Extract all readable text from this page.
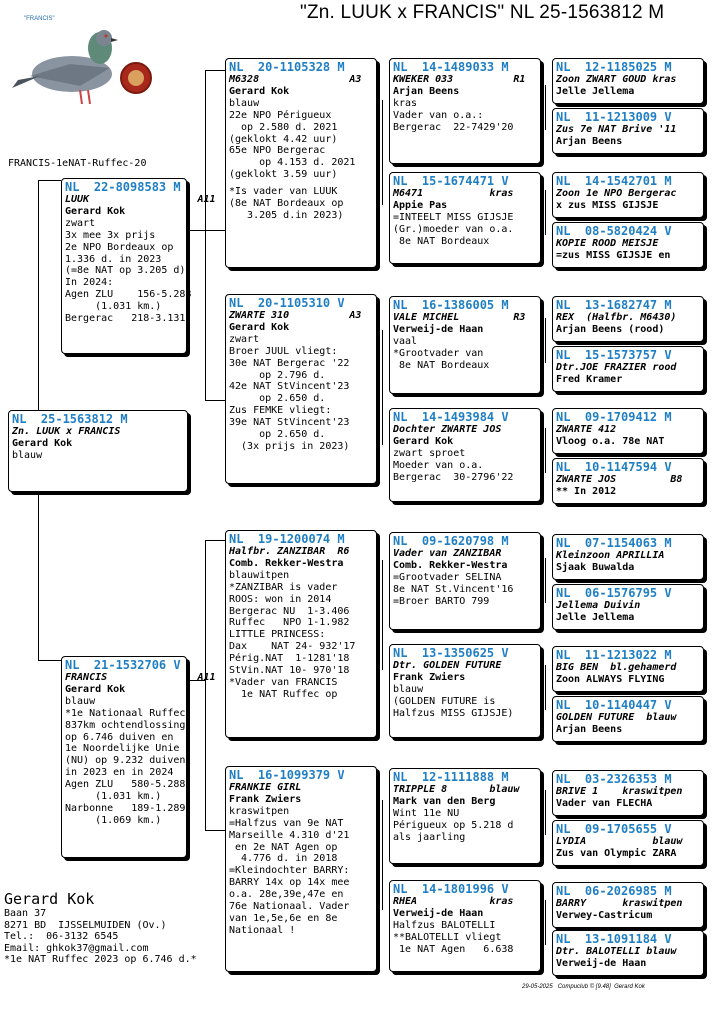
"Zn. LUUK x FRANCIS" NL 25-1563812 M
"FRANCIS"
FRANCIS-1eNAT-Ruffec-20
NL  25-1563812 M
Zn. LUUK x FRANCIS
Gerard Kok
blauw
NL  22-8098583 M
LUUK                  A11
Gerard Kok
zwart
3x mee 3x prijs
2e NPO Bordeaux op
1.336 d. in 2023
(=8e NAT op 3.205 d)
In 2024:
Agen ZLU    156-5.288
(1.031 km.)
Bergerac   218-3.131
NL  21-1532706 V
FRANCIS               A11
Gerard Kok
blauw
*1e Nationaal Ruffec
837km ochtendlossing
op 6.746 duiven en
1e Noordelijke Unie
(NU) op 9.232 duiven
in 2023 en in 2024
Agen ZLU   580-5.288
(1.031 km.)
Narbonne   189-1.289
(1.069 km.)
NL  20-1105328 M
M6328               A3
Gerard Kok
blauw
22e NPO Périgueux
op 2.580 d. 2021
(geklokt 4.42 uur)
65e NPO Bergerac
op 4.153 d. 2021
(geklokt 3.59 uur)
*Is vader van LUUK
(8e NAT Bordeaux op
3.205 d.in 2023)
NL  20-1105310 V
ZWARTE 310          A3
Gerard Kok
zwart
Broer JUUL vliegt:
30e NAT Bergerac '22
op 2.796 d.
42e NAT StVincent'23
op 2.650 d.
Zus FEMKE vliegt:
39e NAT StVincent'23
op 2.650 d.
(3x prijs in 2023)
NL  19-1200074 M
Halfbr. ZANZIBAR  R6
Comb. Rekker-Westra
blauwitpen
*ZANZIBAR is vader
ROOS: won in 2014
Bergerac NU  1-3.406
Ruffec   NPO 1-1.982
LITTLE PRINCESS:
Dax    NAT 24- 932'17
Périg.NAT  1-1281'18
StVin.NAT 10- 970'18
*Vader van FRANCIS
1e NAT Ruffec op
NL  16-1099379 V
FRANKIE GIRL
Frank Zwiers
kraswitpen
=Halfzus van 9e NAT
Marseille 4.310 d'21
en 2e NAT Agen op
4.776 d. in 2018
=Kleindochter BARRY:
BARRY 14x op 14x mee
o.a. 28e,39e,47e en
76e Nationaal. Vader
van 1e,5e,6e en 8e
Nationaal !
NL  14-1489033 M
KWEKER 033          R1
Arjan Beens
kras
Vader van o.a.:
Bergerac  22-7429'20
NL  15-1674471 V
M6471           kras
Appie Pas
=INTEELT MISS GIJSJE
(Gr.)moeder van o.a.
8e NAT Bordeaux
NL  16-1386005 M
VALE MICHEL         R3
Verweij-de Haan
vaal
*Grootvader van
8e NAT Bordeaux
NL  14-1493984 V
Dochter ZWARTE JOS
Gerard Kok
zwart sproet
Moeder van o.a.
Bergerac  30-2796'22
NL  09-1620798 M
Vader van ZANZIBAR
Comb. Rekker-Westra
=Grootvader SELINA
8e NAT St.Vincent'16
=Broer BARTO 799
NL  13-1350625 V
Dtr. GOLDEN FUTURE
Frank Zwiers
blauw
(GOLDEN FUTURE is
Halfzus MISS GIJSJE)
NL  12-1111888 M
TRIPPLE 8       blauw
Mark van den Berg
Wint 11e NU
Périgueux op 5.218 d
als jaarling
NL  14-1801996 V
RHEA            kras
Verweij-de Haan
Halfzus BALOTELLI
**BALOTELLI vliegt
1e NAT Agen   6.638
NL  12-1185025 M
Zoon ZWART GOUD kras
Jelle Jellema
NL  11-1213009 V
Zus 7e NAT Brive '11
Arjan Beens
NL  14-1542701 M
Zoon 1e NPO Bergerac
x zus MISS GIJSJE
NL  08-5820424 V
KOPIE ROOD MEISJE
=zus MISS GIJSJE en
NL  13-1682747 M
REX  (Halfbr. M6430)
Arjan Beens (rood)
NL  15-1573757 V
Dtr.JOE FRAZIER rood
Fred Kramer
NL  09-1709412 M
ZWARTE 412
Vloog o.a. 78e NAT
NL  10-1147594 V
ZWARTE JOS         B8
** In 2012
NL  07-1154063 M
Kleinzoon APRILLIA
Sjaak Buwalda
NL  06-1576795 V
Jellema Duivin
Jelle Jellema
NL  11-1213022 M
BIG BEN  bl.gehamerd
Zoon ALWAYS FLYING
NL  10-1140447 V
GOLDEN FUTURE  blauw
Arjan Beens
NL  03-2326353 M
BRIVE 1    kraswitpen
Vader van FLECHA
NL  09-1705655 V
LYDIA           blauw
Zus van Olympic ZARA
NL  06-2026985 M
BARRY      kraswitpen
Verwey-Castricum
NL  13-1091184 V
Dtr. BALOTELLI blauw
Verweij-de Haan
Gerard Kok
Baan 37
8271 BD  IJSSELMUIDEN (Ov.)
Tel.:  06-3132 6545
Email: ghkok37@gmail.com
*1e NAT Ruffec 2023 op 6.746 d.*
29-05-2025   Compuclub © [9.48]  Gerard Kok
